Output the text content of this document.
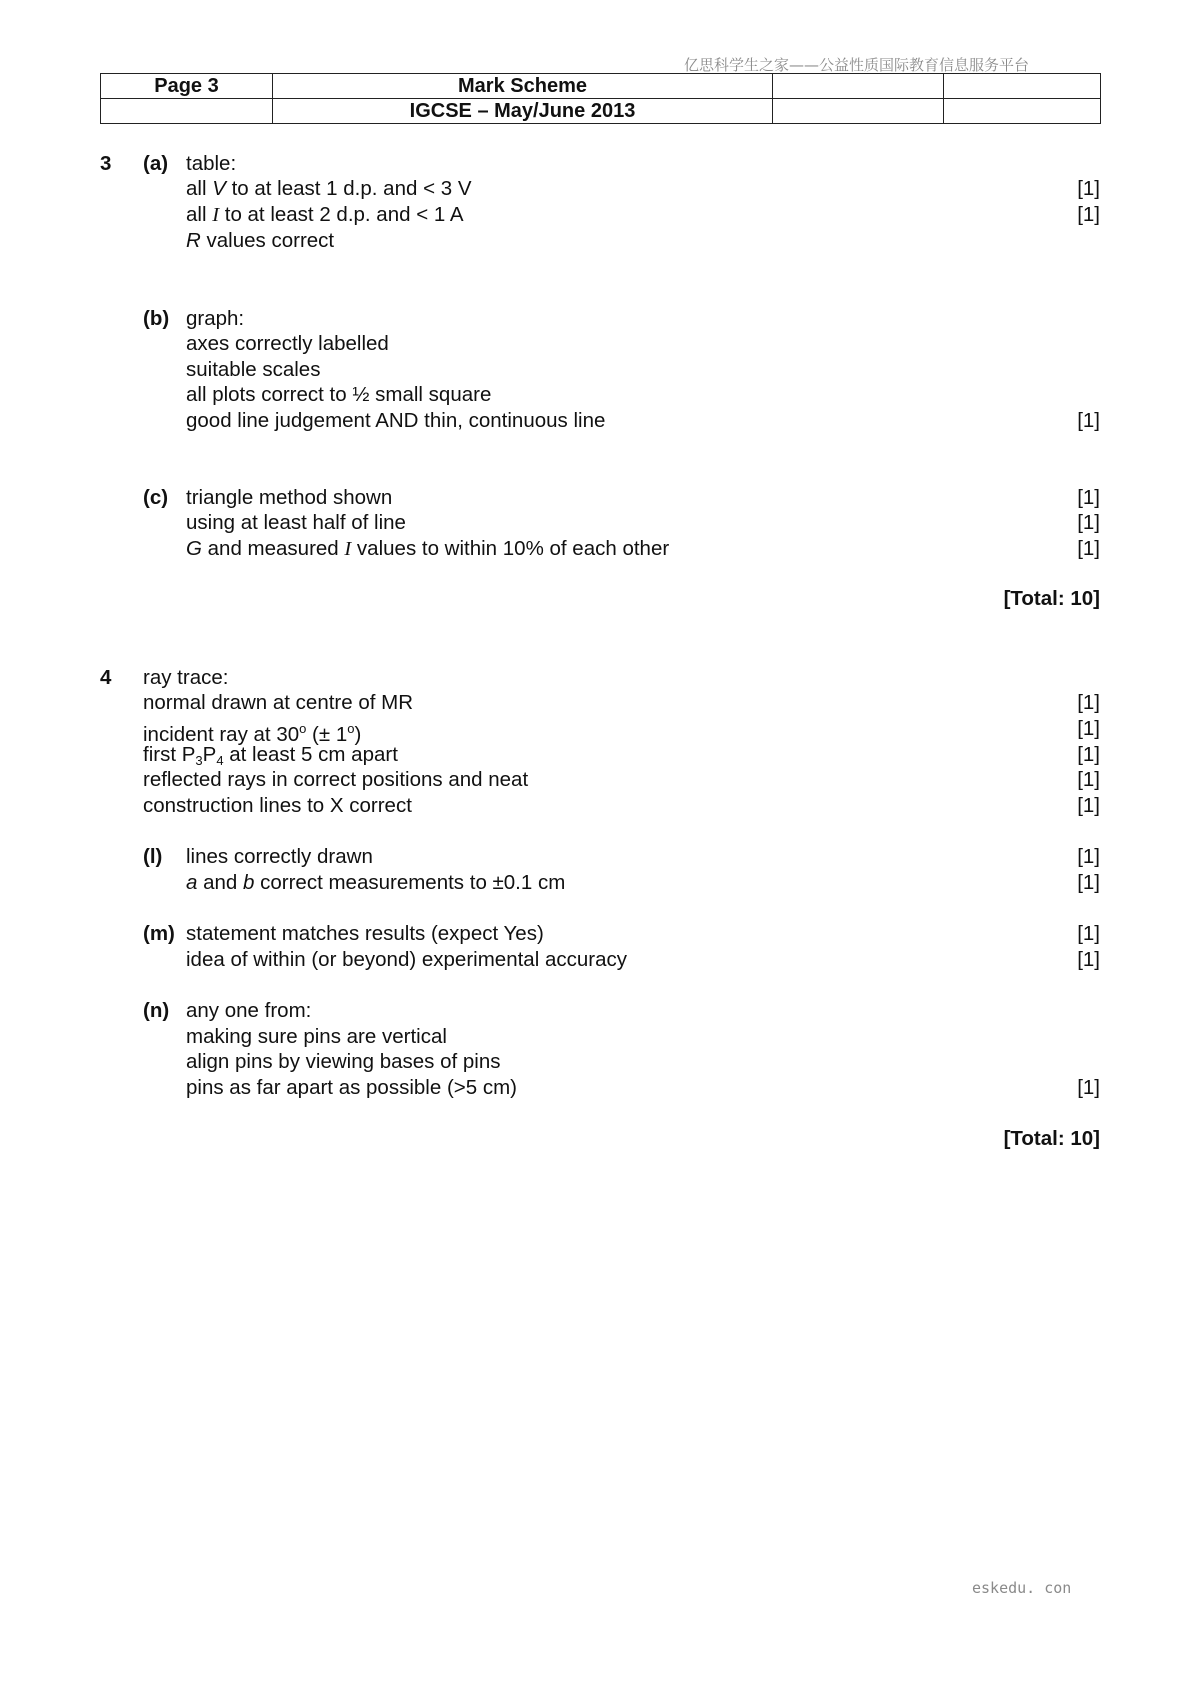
亿思科学生之家——公益性质国际教育信息服务平台
Page 3	Mark Scheme		
	IGCSE – May/June 2013		
3 (a) table:
all V to at least 1 d.p. and < 3 V	[1]
all I to at least 2 d.p. and < 1 A	[1]
R values correct
(b) graph:
axes correctly labelled
suitable scales
all plots correct to ½ small square
good line judgement AND thin, continuous line	[1]
(c) triangle method shown	[1]
using at least half of line	[1]
G and measured I values to within 10% of each other	[1]
[Total: 10]
4 ray trace:
normal drawn at centre of MR	[1]
incident ray at 30$^o$ (± $1^o$)	[1]
first $P_3P_4$ at least 5 cm apart	[1]
reflected rays in correct positions and neat	[1]
construction lines to X correct	[1]
(l) lines correctly drawn	[1]
a and b correct measurements to ±0.1 cm	[1]
(m) statement matches results (expect Yes)	[1]
idea of within (or beyond) experimental accuracy	[1]
(n) any one from:
making sure pins are vertical
align pins by viewing bases of pins
pins as far apart as possible (>5 cm)	[1]
[Total: 10]
eskedu. con
